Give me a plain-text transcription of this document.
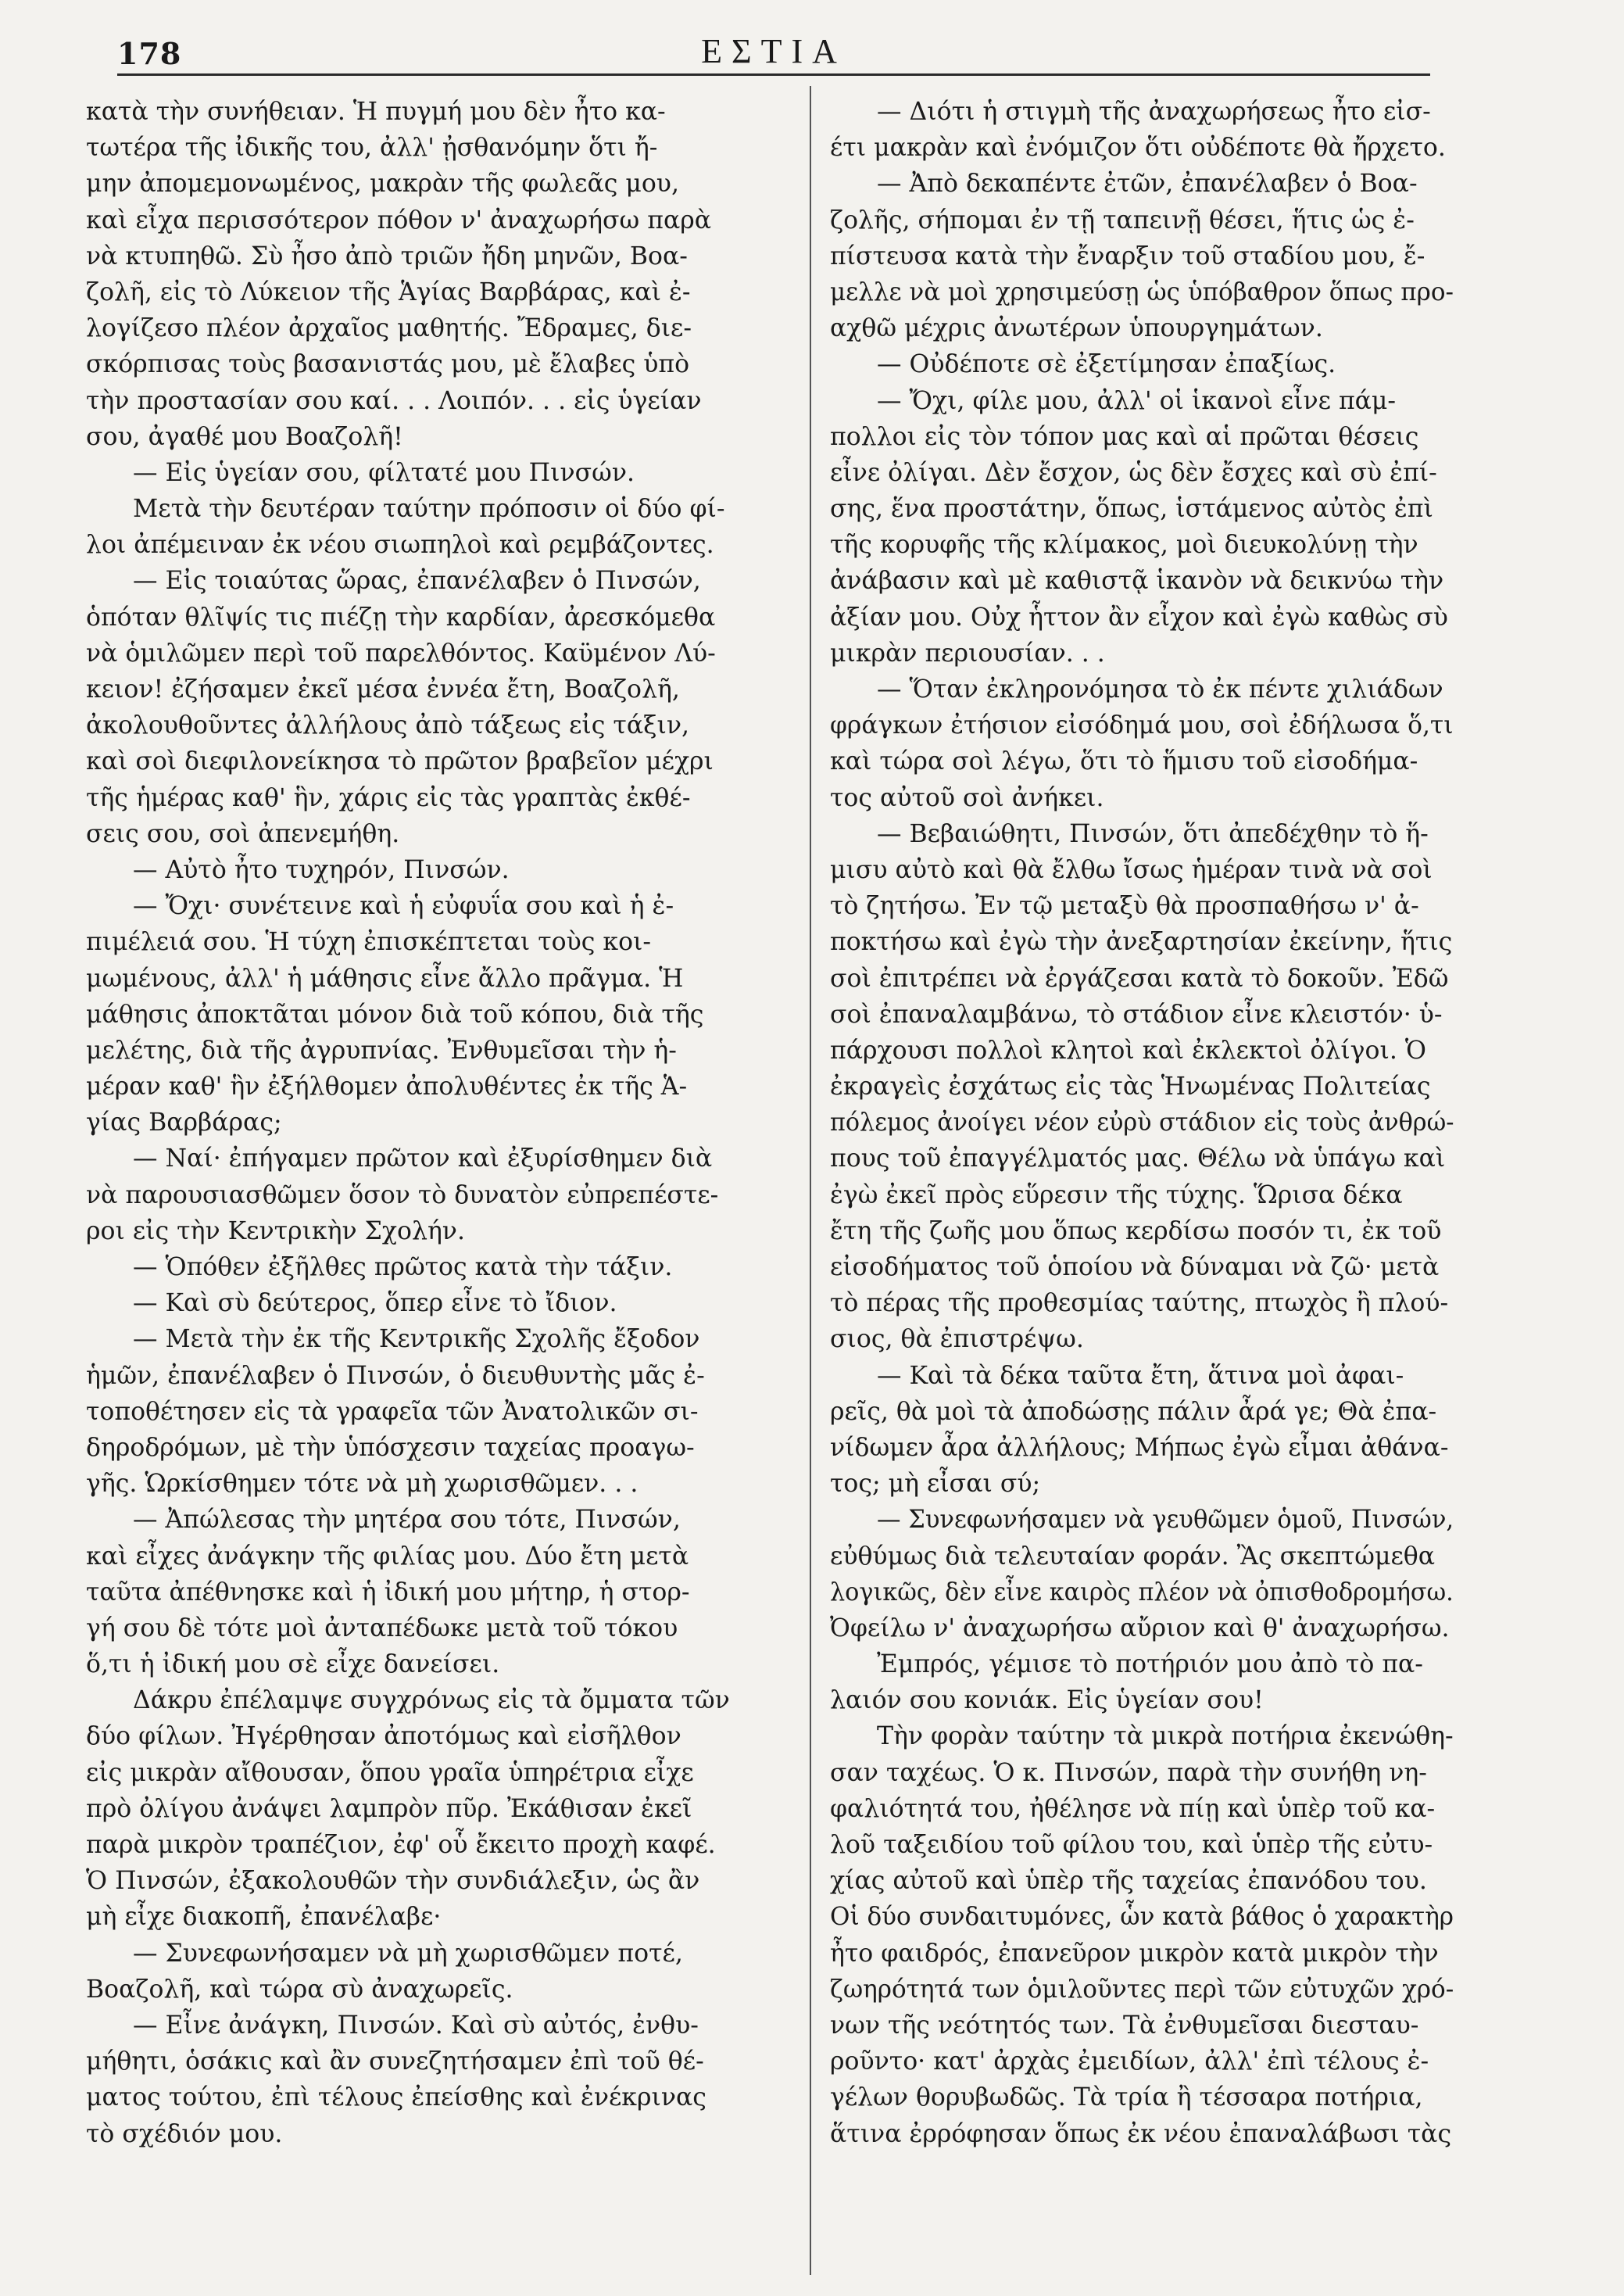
178	ΕΣΤΙΑ
κατὰ τὴν συνήθειαν. Ἡ πυγμή μου δὲν ἦτο κα-
τωτέρα τῆς ἰδικῆς του, ἀλλ' ᾐσθανόμην ὅτι ἤ-
μην ἀπομεμονωμένος, μακρὰν τῆς φωλεᾶς μου,
καὶ εἶχα περισσότερον πόθον ν' ἀναχωρήσω παρὰ
νὰ κτυπηθῶ. Σὺ ἦσο ἀπὸ τριῶν ἤδη μηνῶν, Βοα-
ζολῆ, εἰς τὸ Λύκειον τῆς Ἁγίας Βαρβάρας, καὶ ἐ-
λογίζεσο πλέον ἀρχαῖος μαθητής. Ἔδραμες, διε-
σκόρπισας τοὺς βασανιστάς μου, μὲ ἔλαβες ὑπὸ
τὴν προστασίαν σου καί. . . Λοιπόν. . . εἰς ὑγείαν
σου, ἀγαθέ μου Βοαζολῆ!
— Εἰς ὑγείαν σου, φίλτατέ μου Πινσών.
Μετὰ τὴν δευτέραν ταύτην πρόποσιν οἱ δύο φί-
λοι ἀπέμειναν ἐκ νέου σιωπηλοὶ καὶ ρεμβάζοντες.
— Εἰς τοιαύτας ὥρας, ἐπανέλαβεν ὁ Πινσών,
ὁπόταν θλῖψίς τις πιέζῃ τὴν καρδίαν, ἀρεσκόμεθα
νὰ ὁμιλῶμεν περὶ τοῦ παρελθόντος. Καϋμένον Λύ-
κειον! ἐζήσαμεν ἐκεῖ μέσα ἐννέα ἔτη, Βοαζολῆ,
ἀκολουθοῦντες ἀλλήλους ἀπὸ τάξεως εἰς τάξιν,
καὶ σοὶ διεφιλονείκησα τὸ πρῶτον βραβεῖον μέχρι
τῆς ἡμέρας καθ' ἣν, χάρις εἰς τὰς γραπτὰς ἐκθέ-
σεις σου, σοὶ ἀπενεμήθη.
— Αὐτὸ ἦτο τυχηρόν, Πινσών.
— Ὄχι· συνέτεινε καὶ ἡ εὐφυΐα σου καὶ ἡ ἐ-
πιμέλειά σου. Ἡ τύχη ἐπισκέπτεται τοὺς κοι-
μωμένους, ἀλλ' ἡ μάθησις εἶνε ἄλλο πρᾶγμα. Ἡ
μάθησις ἀποκτᾶται μόνον διὰ τοῦ κόπου, διὰ τῆς
μελέτης, διὰ τῆς ἀγρυπνίας. Ἐνθυμεῖσαι τὴν ἡ-
μέραν καθ' ἣν ἐξήλθομεν ἀπολυθέντες ἐκ τῆς Ἁ-
γίας Βαρβάρας;
— Ναί· ἐπήγαμεν πρῶτον καὶ ἐξυρίσθημεν διὰ
νὰ παρουσιασθῶμεν ὅσον τὸ δυνατὸν εὐπρεπέστε-
ροι εἰς τὴν Κεντρικὴν Σχολήν.
— Ὁπόθεν ἐξῆλθες πρῶτος κατὰ τὴν τάξιν.
— Καὶ σὺ δεύτερος, ὅπερ εἶνε τὸ ἴδιον.
— Μετὰ τὴν ἐκ τῆς Κεντρικῆς Σχολῆς ἔξοδον
ἡμῶν, ἐπανέλαβεν ὁ Πινσών, ὁ διευθυντὴς μᾶς ἐ-
τοποθέτησεν εἰς τὰ γραφεῖα τῶν Ἀνατολικῶν σι-
δηροδρόμων, μὲ τὴν ὑπόσχεσιν ταχείας προαγω-
γῆς. Ὡρκίσθημεν τότε νὰ μὴ χωρισθῶμεν. . .
— Ἀπώλεσας τὴν μητέρα σου τότε, Πινσών,
καὶ εἶχες ἀνάγκην τῆς φιλίας μου. Δύο ἔτη μετὰ
ταῦτα ἀπέθνησκε καὶ ἡ ἰδική μου μήτηρ, ἡ στορ-
γή σου δὲ τότε μοὶ ἀνταπέδωκε μετὰ τοῦ τόκου
ὅ,τι ἡ ἰδική μου σὲ εἶχε δανείσει.
Δάκρυ ἐπέλαμψε συγχρόνως εἰς τὰ ὄμματα τῶν
δύο φίλων. Ἠγέρθησαν ἀποτόμως καὶ εἰσῆλθον
εἰς μικρὰν αἴθουσαν, ὅπου γραῖα ὑπηρέτρια εἶχε
πρὸ ὀλίγου ἀνάψει λαμπρὸν πῦρ. Ἐκάθισαν ἐκεῖ
παρὰ μικρὸν τραπέζιον, ἐφ' οὗ ἔκειτο προχὴ καφέ.
Ὁ Πινσών, ἐξακολουθῶν τὴν συνδιάλεξιν, ὡς ἂν
μὴ εἶχε διακοπῆ, ἐπανέλαβε·
— Συνεφωνήσαμεν νὰ μὴ χωρισθῶμεν ποτέ,
Βοαζολῆ, καὶ τώρα σὺ ἀναχωρεῖς.
— Εἶνε ἀνάγκη, Πινσών. Καὶ σὺ αὐτός, ἐνθυ-
μήθητι, ὁσάκις καὶ ἂν συνεζητήσαμεν ἐπὶ τοῦ θέ-
ματος τούτου, ἐπὶ τέλους ἐπείσθης καὶ ἐνέκρινας
τὸ σχέδιόν μου.
— Διότι ἡ στιγμὴ τῆς ἀναχωρήσεως ἦτο εἰσ-
έτι μακρὰν καὶ ἐνόμιζον ὅτι οὐδέποτε θὰ ἤρχετο.
— Ἀπὸ δεκαπέντε ἐτῶν, ἐπανέλαβεν ὁ Βοα-
ζολῆς, σήπομαι ἐν τῇ ταπεινῇ θέσει, ἥτις ὡς ἐ-
πίστευσα κατὰ τὴν ἔναρξιν τοῦ σταδίου μου, ἔ-
μελλε νὰ μοὶ χρησιμεύσῃ ὡς ὑπόβαθρον ὅπως προ-
αχθῶ μέχρις ἀνωτέρων ὑπουργημάτων.
— Οὐδέποτε σὲ ἐξετίμησαν ἐπαξίως.
— Ὄχι, φίλε μου, ἀλλ' οἱ ἱκανοὶ εἶνε πάμ-
πολλοι εἰς τὸν τόπον μας καὶ αἱ πρῶται θέσεις
εἶνε ὀλίγαι. Δὲν ἔσχον, ὡς δὲν ἔσχες καὶ σὺ ἐπί-
σης, ἕνα προστάτην, ὅπως, ἱστάμενος αὐτὸς ἐπὶ
τῆς κορυφῆς τῆς κλίμακος, μοὶ διευκολύνῃ τὴν
ἀνάβασιν καὶ μὲ καθιστᾷ ἱκανὸν νὰ δεικνύω τὴν
ἀξίαν μου. Οὐχ ἧττον ἂν εἶχον καὶ ἐγὼ καθὼς σὺ
μικρὰν περιουσίαν. . .
— Ὅταν ἐκληρονόμησα τὸ ἐκ πέντε χιλιάδων
φράγκων ἐτήσιον εἰσόδημά μου, σοὶ ἐδήλωσα ὅ,τι
καὶ τώρα σοὶ λέγω, ὅτι τὸ ἥμισυ τοῦ εἰσοδήμα-
τος αὐτοῦ σοὶ ἀνήκει.
— Βεβαιώθητι, Πινσών, ὅτι ἀπεδέχθην τὸ ἥ-
μισυ αὐτὸ καὶ θὰ ἔλθω ἴσως ἡμέραν τινὰ νὰ σοὶ
τὸ ζητήσω. Ἐν τῷ μεταξὺ θὰ προσπαθήσω ν' ἀ-
ποκτήσω καὶ ἐγὼ τὴν ἀνεξαρτησίαν ἐκείνην, ἥτις
σοὶ ἐπιτρέπει νὰ ἐργάζεσαι κατὰ τὸ δοκοῦν. Ἐδῶ
σοὶ ἐπαναλαμβάνω, τὸ στάδιον εἶνε κλειστόν· ὑ-
πάρχουσι πολλοὶ κλητοὶ καὶ ἐκλεκτοὶ ὀλίγοι. Ὁ
ἐκραγεὶς ἐσχάτως εἰς τὰς Ἡνωμένας Πολιτείας
πόλεμος ἀνοίγει νέον εὐρὺ στάδιον εἰς τοὺς ἀνθρώ-
πους τοῦ ἐπαγγέλματός μας. Θέλω νὰ ὑπάγω καὶ
ἐγὼ ἐκεῖ πρὸς εὕρεσιν τῆς τύχης. Ὥρισα δέκα
ἔτη τῆς ζωῆς μου ὅπως κερδίσω ποσόν τι, ἐκ τοῦ
εἰσοδήματος τοῦ ὁποίου νὰ δύναμαι νὰ ζῶ· μετὰ
τὸ πέρας τῆς προθεσμίας ταύτης, πτωχὸς ἢ πλού-
σιος, θὰ ἐπιστρέψω.
— Καὶ τὰ δέκα ταῦτα ἔτη, ἅτινα μοὶ ἀφαι-
ρεῖς, θὰ μοὶ τὰ ἀποδώσῃς πάλιν ἆρά γε; Θὰ ἐπα-
νίδωμεν ἆρα ἀλλήλους; Μήπως ἐγὼ εἶμαι ἀθάνα-
τος; μὴ εἶσαι σύ;
— Συνεφωνήσαμεν νὰ γευθῶμεν ὁμοῦ, Πινσών,
εὐθύμως διὰ τελευταίαν φοράν. Ἂς σκεπτώμεθα
λογικῶς, δὲν εἶνε καιρὸς πλέον νὰ ὀπισθοδρομήσω.
Ὀφείλω ν' ἀναχωρήσω αὔριον καὶ θ' ἀναχωρήσω.
Ἐμπρός, γέμισε τὸ ποτήριόν μου ἀπὸ τὸ πα-
λαιόν σου κονιάκ. Εἰς ὑγείαν σου!
Τὴν φορὰν ταύτην τὰ μικρὰ ποτήρια ἐκενώθη-
σαν ταχέως. Ὁ κ. Πινσών, παρὰ τὴν συνήθη νη-
φαλιότητά του, ἠθέλησε νὰ πίῃ καὶ ὑπὲρ τοῦ κα-
λοῦ ταξειδίου τοῦ φίλου του, καὶ ὑπὲρ τῆς εὐτυ-
χίας αὐτοῦ καὶ ὑπὲρ τῆς ταχείας ἐπανόδου του.
Οἱ δύο συνδαιτυμόνες, ὧν κατὰ βάθος ὁ χαρακτὴρ
ἦτο φαιδρός, ἐπανεῦρον μικρὸν κατὰ μικρὸν τὴν
ζωηρότητά των ὁμιλοῦντες περὶ τῶν εὐτυχῶν χρό-
νων τῆς νεότητός των. Τὰ ἐνθυμεῖσαι διεσταυ-
ροῦντο· κατ' ἀρχὰς ἐμειδίων, ἀλλ' ἐπὶ τέλους ἐ-
γέλων θορυβωδῶς. Τὰ τρία ἢ τέσσαρα ποτήρια,
ἅτινα ἐρρόφησαν ὅπως ἐκ νέου ἐπαναλάβωσι τὰς
